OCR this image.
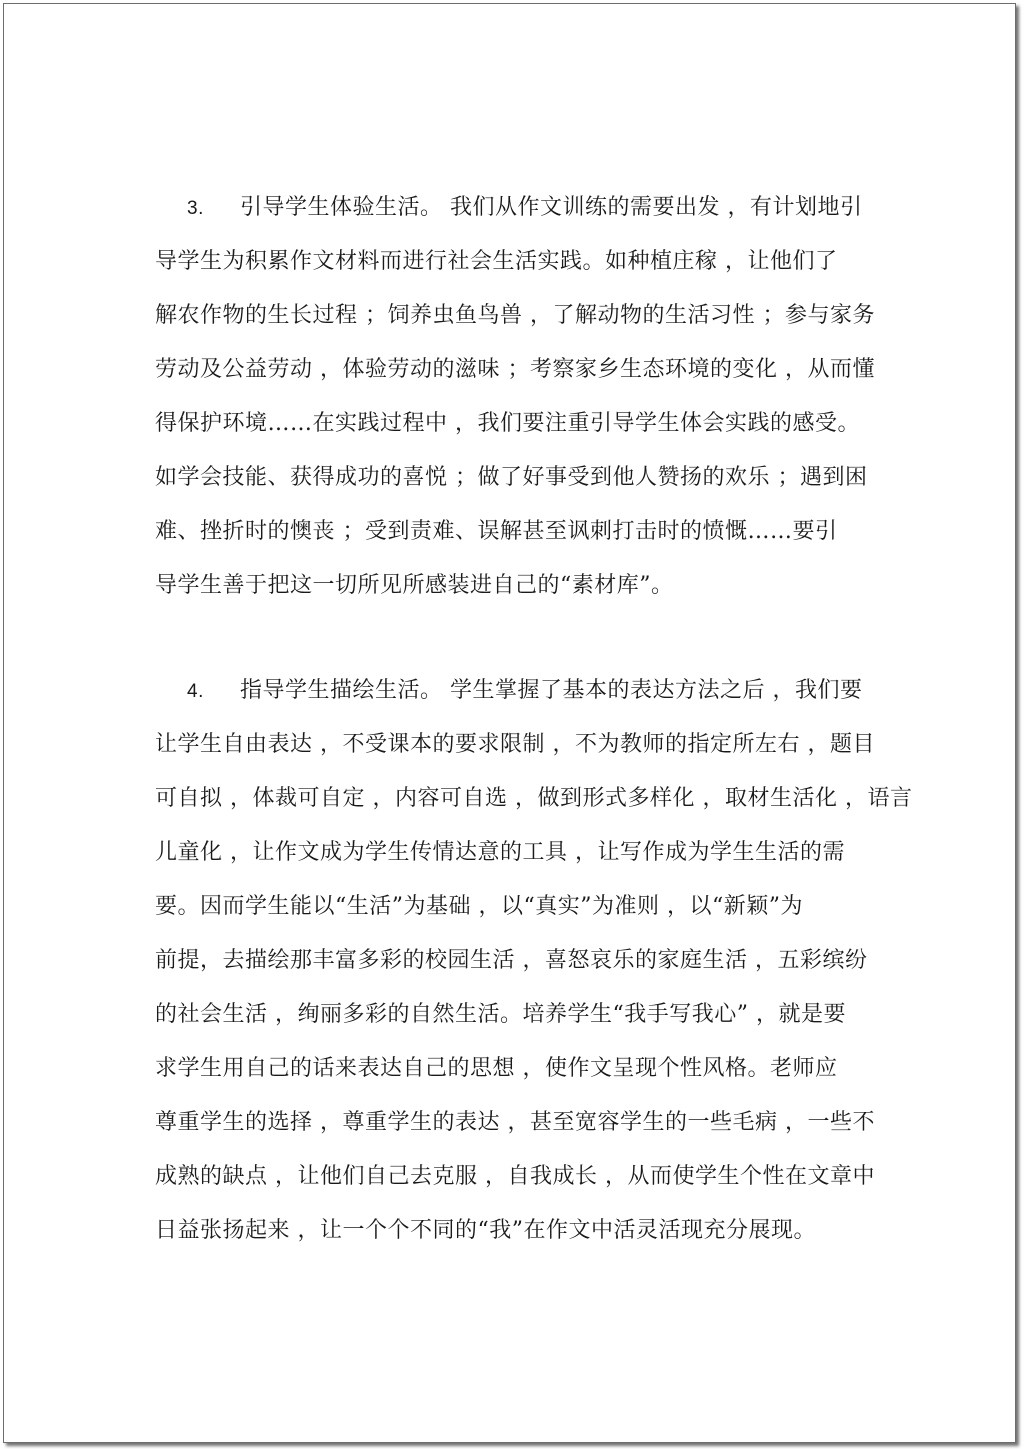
3. 引导学生体验生活。 我们从作文训练的需要出发 ，有计划地引
导学生为积累作文材料而进行社会生活实践。如种植庄稼 ，让他们了
解农作物的生长过程 ；饲养虫鱼鸟兽 ，了解动物的生活习性 ；参与家务
劳动及公益劳动 ，体验劳动的滋味 ；考察家乡生态环境的变化 ，从而懂
得保护环境……在实践过程中 ，我们要注重引导学生体会实践的感受。
如学会技能、获得成功的喜悦 ；做了好事受到他人赞扬的欢乐 ；遇到困
难、挫折时的懊丧 ；受到责难、误解甚至讽刺打击时的愤慨……要引
导学生善于把这一切所见所感装进自己的“素材库”。
4. 指导学生描绘生活。 学生掌握了基本的表达方法之后 ，我们要
让学生自由表达 ，不受课本的要求限制 ，不为教师的指定所左右 ，题目
可自拟 ，体裁可自定 ，内容可自选 ，做到形式多样化 ，取材生活化 ，语言
儿童化 ，让作文成为学生传情达意的工具 ，让写作成为学生生活的需
要。因而学生能以“生活”为基础 ，以“真实”为准则 ，以“新颖”为
前提，去描绘那丰富多彩的校园生活 ，喜怒哀乐的家庭生活 ，五彩缤纷
的社会生活 ，绚丽多彩的自然生活。培养学生“我手写我心” ，就是要
求学生用自己的话来表达自己的思想 ，使作文呈现个性风格。老师应
尊重学生的选择 ，尊重学生的表达 ，甚至宽容学生的一些毛病 ，一些不
成熟的缺点 ，让他们自己去克服 ，自我成长 ，从而使学生个性在文章中
日益张扬起来 ，让一个个不同的“我”在作文中活灵活现充分展现。
